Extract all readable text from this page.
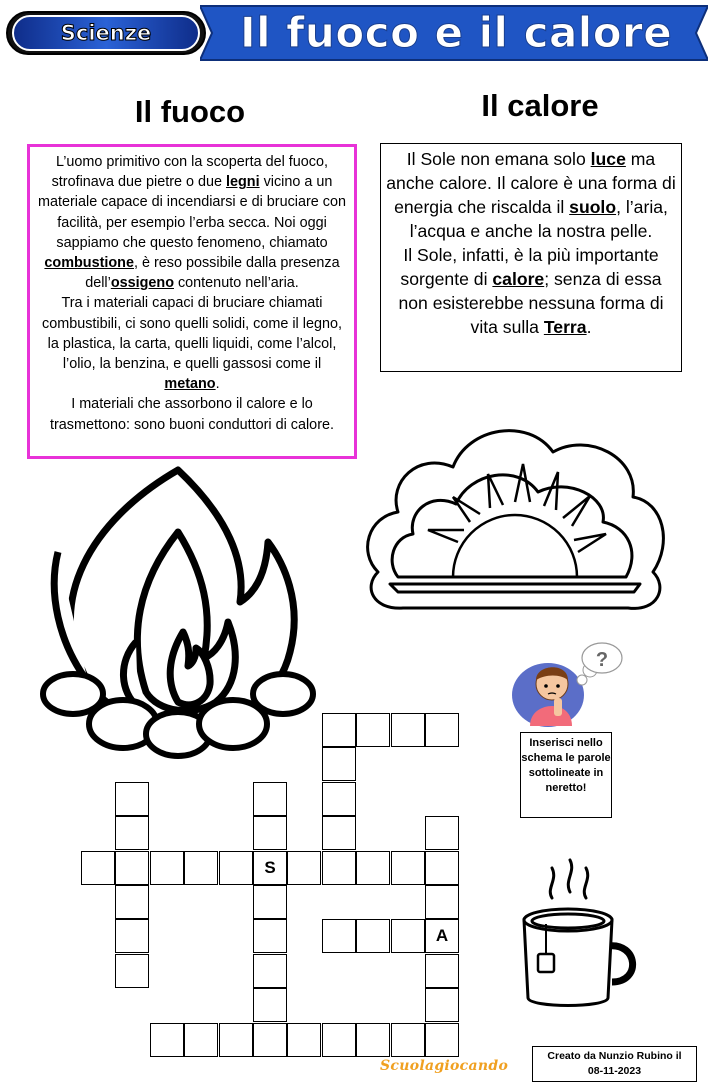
Il fuoco e il calore
Scienze
Il fuoco	Il calore
L’uomo primitivo con la scoperta del fuoco, strofinava due pietre o due legni vicino a un materiale capace di incendiarsi e di bruciare con facilità, per esempio l’erba secca. Noi oggi sappiamo che questo fenomeno, chiamato combustione, è reso possibile dalla presenza dell’ossigeno contenuto nell’aria.
Tra i materiali capaci di bruciare chiamati combustibili, ci sono quelli solidi, come il legno, la plastica, la carta, quelli liquidi, come l’alcol, l’olio, la benzina, e quelli gassosi come il metano.
I materiali che assorbono il calore e lo trasmettono: sono buoni conduttori di calore.
Il Sole non emana solo luce ma anche calore. Il calore è una forma di energia che riscalda il suolo, l’aria, l’acqua e anche la nostra pelle.
Il Sole, infatti, è la più importante sorgente di calore; senza di essa non esisterebbe nessuna forma di vita sulla Terra.
?
Inserisci nello schema le parole sottolineate in neretto!
Scuolagiocando
Creato da Nunzio Rubino il
08-11-2023
S
A
